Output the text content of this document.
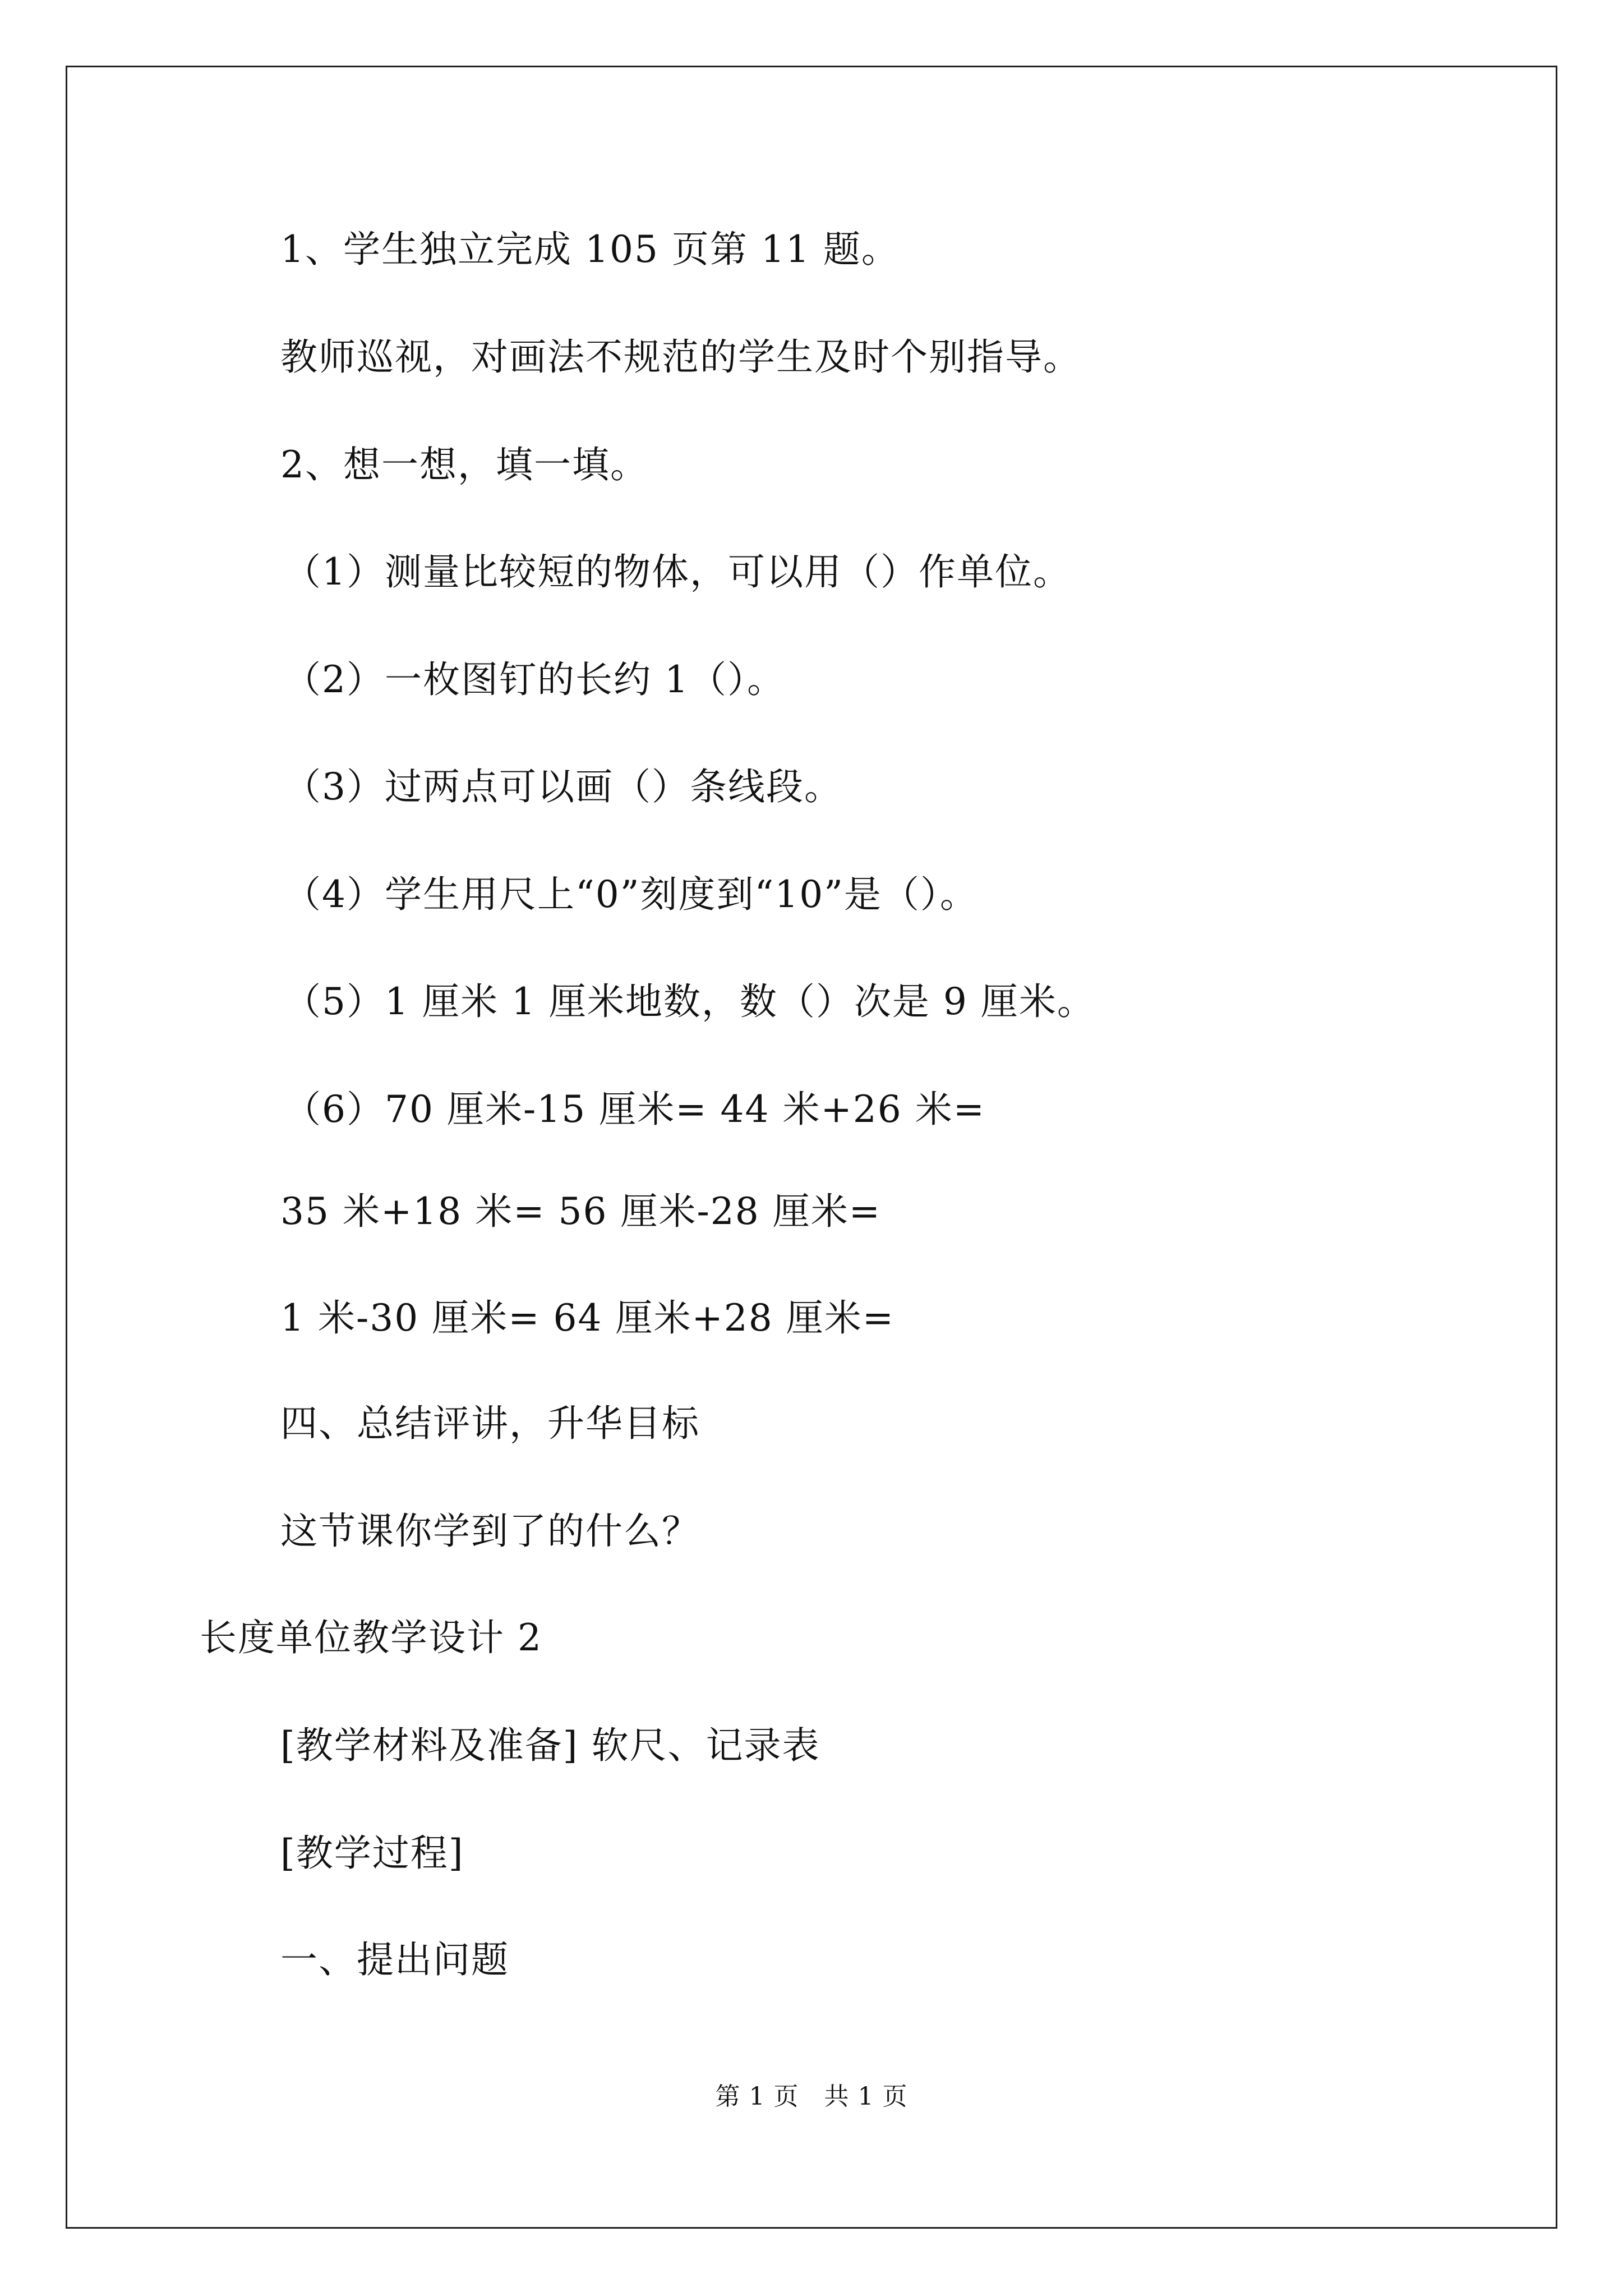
1、学生独立完成 105 页第 11 题。
教师巡视，对画法不规范的学生及时个别指导。
2、想一想，填一填。
（1）测量比较短的物体，可以用（）作单位。
（2）一枚图钉的长约 1（）。
（3）过两点可以画（）条线段。
（4）学生用尺上“0”刻度到“10”是（）。
（5）1 厘米 1 厘米地数，数（）次是 9 厘米。
（6）70 厘米-15 厘米= 44 米+26 米=
35 米+18 米= 56 厘米-28 厘米=
1 米-30 厘米= 64 厘米+28 厘米=
四、总结评讲，升华目标
这节课你学到了的什么？
长度单位教学设计 2
[教学材料及准备] 软尺、记录表
[教学过程]
一、提出问题
第 1 页　共 1 页
